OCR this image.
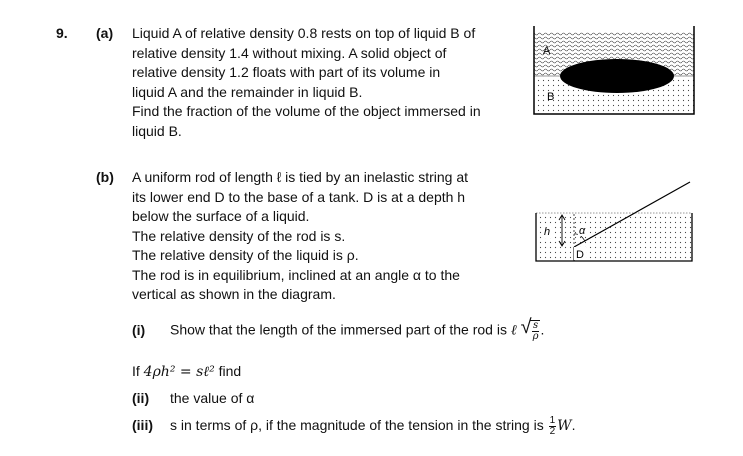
9. (a) Liquid A of relative density 0.8 rests on top of liquid B of
relative density 1.4 without mixing. A solid object of
relative density 1.2 floats with part of its volume in
liquid A and the remainder in liquid B.
Find the fraction of the volume of the object immersed in
liquid B.
A
B
(b) A uniform rod of length ℓ is tied by an inelastic string at
its lower end D to the base of a tank. D is at a depth h
below the surface of a liquid.
The relative density of the rod is s.
The relative density of the liquid is ρ.
The rod is in equilibrium, inclined at an angle α to the
vertical as shown in the diagram.
h	α
D
(i) Show that the length of the immersed part of the rod is ℓ √ $\frac{s}{\rho}$ .
If 4ρh² = sℓ² find
(ii) the value of α
(iii) s in terms of ρ, if the magnitude of the tension in the string is $\frac{1}{2} W$.
